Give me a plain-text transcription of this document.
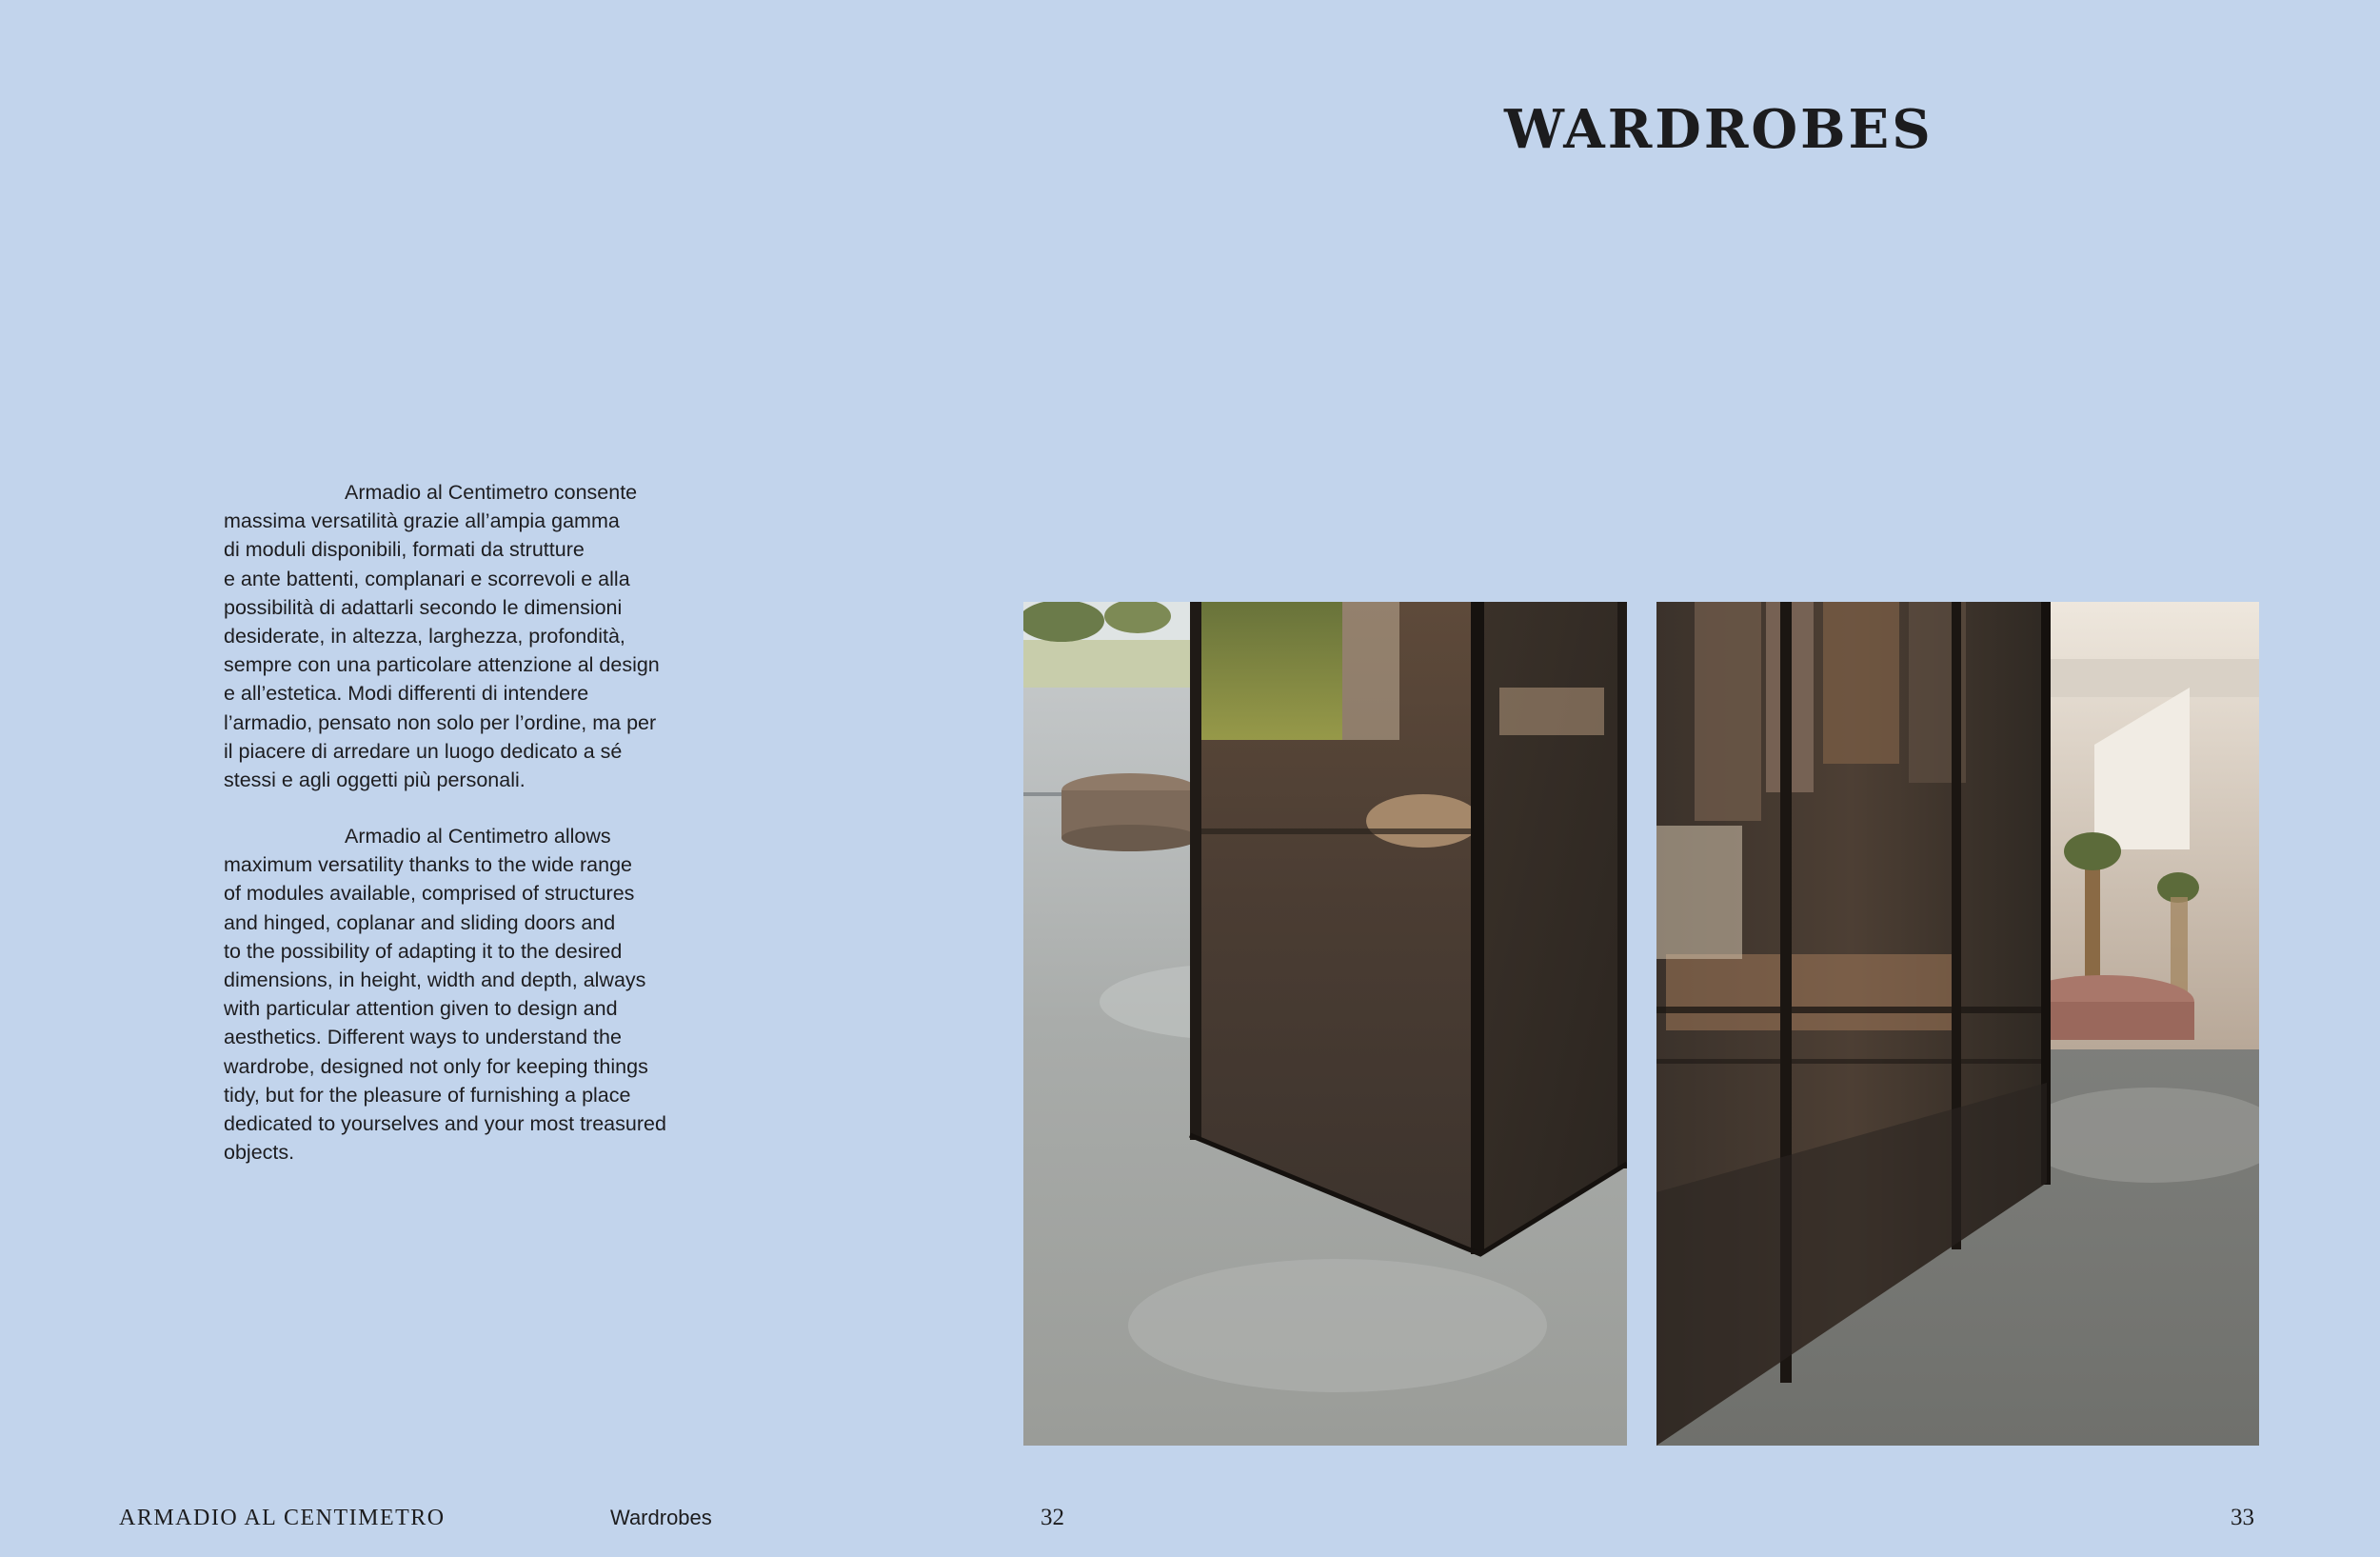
WARDROBES

Armadio al Centimetro consente
massima versatilità grazie all’ampia gamma
di moduli disponibili, formati da strutture
e ante battenti, complanari e scorrevoli e alla
possibilità di adattarli secondo le dimensioni
desiderate, in altezza, larghezza, profondità,
sempre con una particolare attenzione al design
e all’estetica. Modi differenti di intendere
l’armadio, pensato non solo per l’ordine, ma per
il piacere di arredare un luogo dedicato a sé
stessi e agli oggetti più personali.

Armadio al Centimetro allows
maximum versatility thanks to the wide range
of modules available, comprised of structures
and hinged, coplanar and sliding doors and
to the possibility of adapting it to the desired
dimensions, in height, width and depth, always
with particular attention given to design and
aesthetics. Different ways to understand the
wardrobe, designed not only for keeping things
tidy, but for the pleasure of furnishing a place
dedicated to yourselves and your most treasured
objects.

ARMADIO AL CENTIMETRO	Wardrobes	32	33
